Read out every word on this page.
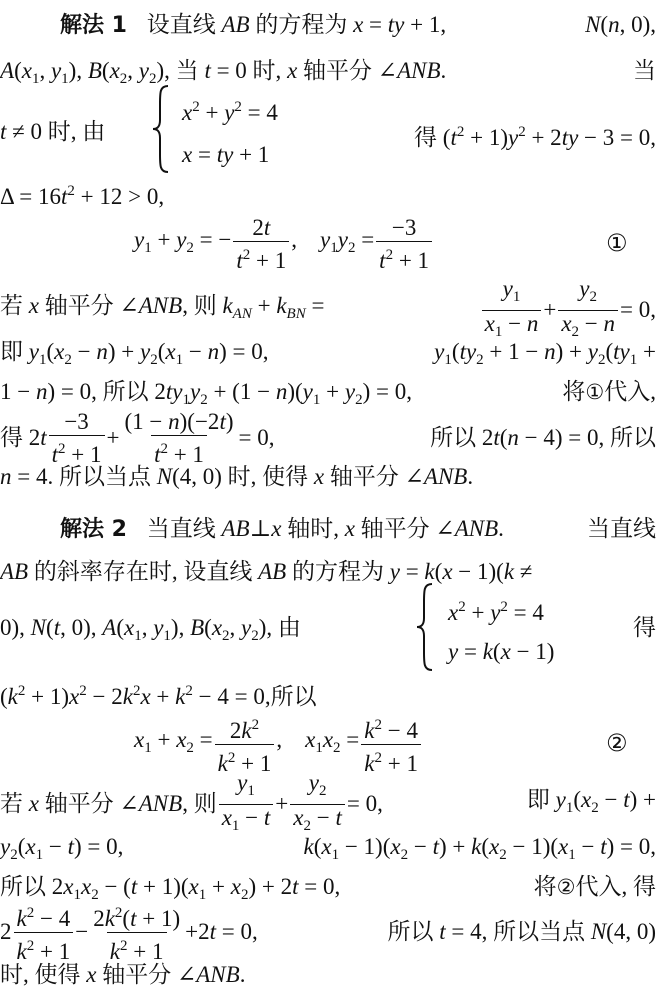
解法 1 设直线 AB 的方程为 x = ty + 1,	N(n, 0),
$A(x_1$, $y_1$), $B(x_2$, $y_2$), 当 t = 0 时, x 轴平分 ∠ANB.	当
t ≠ 0 时, 由
$x^2 + y^2 = 4$
x = ty + 1
得 $(t^2 + 1)y^2 + 2ty - 3 = 0$,
$\Delta = 16t^2 + 12 > 0$,
$y_1 + y_2$ = − $\frac{2t}{t^2 + 1}$ ,    $y_1y_2 = \frac{-3}{t^2 + 1}$	①
若 x 轴平分 ∠ANB, 则 $k_{AN} + k_{BN}$ =	$\frac{y_1}{x_1 - n} + \frac{y_2}{x_2 - n} = 0$,
即 $y_1(x_2 - n) + y_2(x_1 - n) = 0$,	$y_1(ty_2 + 1 - n) + y_2(ty_1$ +
1 − n) = 0, 所以 $2ty_1y_2 + (1 - n)(y_1 + y_2) = 0$,	将①代入,
得 $2t \frac{-3}{t^2 + 1} + \frac{(1 - n)(-2t)}{t^2 + 1} = 0$,	所以 2t(n − 4) = 0, 所以
n = 4. 所以当点 N(4, 0) 时, 使得 x 轴平分 ∠ANB.
解法 2 当直线 AB⊥x 轴时, x 轴平分 ∠ANB.	当直线
AB 的斜率存在时, 设直线 AB 的方程为 y = k(x − 1)(k ≠
0), N(t, 0), $A(x_1$, $y_1$), $B(x_2$, $y_2$), 由
$x^2 + y^2 = 4$
y = k(x − 1)
得
$(k^2 + 1)x^2 - 2k^2x + k^2 - 4 = 0$,所以
$x_1 + x_2 = \frac{2k^2}{k^2 + 1}$ ,    $x_1x_2 = \frac{k^2 - 4}{k^2 + 1}$	②
若 x 轴平分 ∠ANB, 则 $\frac{y_1}{x_1 - t} + \frac{y_2}{x_2 - t} = 0$,	即 $y_1(x_2 - t)$ +
$y_2(x_1 - t) = 0$,	$k(x_1 - 1)(x_2 - t) + k(x_2 - 1)(x_1 - t) = 0$,
所以 $2x_1x_2 - (t + 1)(x_1 + x_2) + 2t = 0$,	将②代入, 得
$2 \frac{k^2 - 4}{k^2 + 1} - \frac{2k^2(t + 1)}{k^2 + 1} +2t = 0$,	所以 t = 4, 所以当点 N(4, 0)
时, 使得 x 轴平分 ∠ANB.
